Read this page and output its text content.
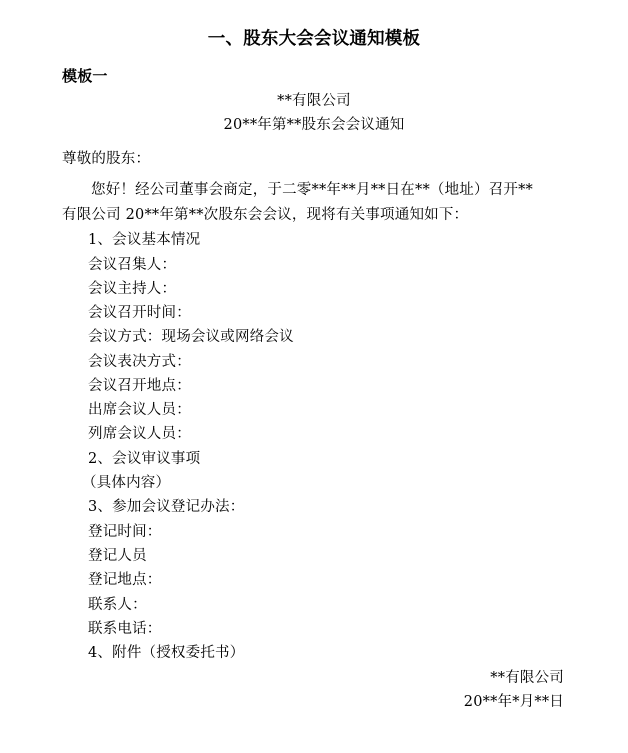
一、股东大会会议通知模板
模板一
**有限公司
20**年第**股东会会议通知
尊敬的股东：
您好！经公司董事会商定，于二零**年**月**日在**（地址）召开**
有限公司 20**年第**次股东会会议，现将有关事项通知如下：
1、会议基本情况
会议召集人：
会议主持人：
会议召开时间：
会议方式：现场会议或网络会议
会议表决方式：
会议召开地点：
出席会议人员：
列席会议人员：
2、会议审议事项
（具体内容）
3、参加会议登记办法：
登记时间：
登记人员
登记地点：
联系人：
联系电话：
4、附件（授权委托书）
**有限公司
20**年*月**日
